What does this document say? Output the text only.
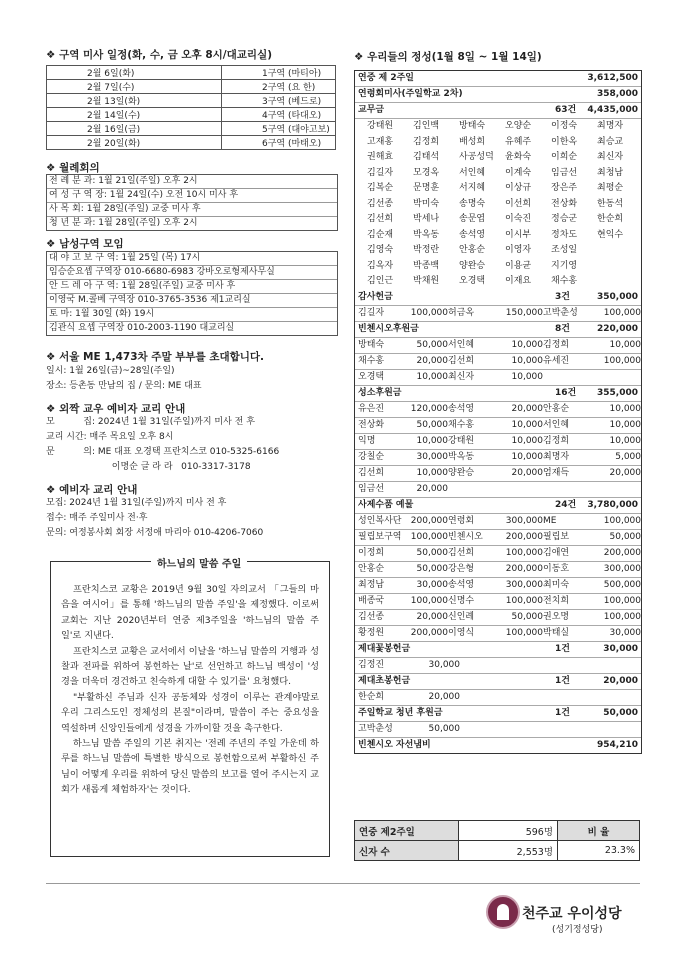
❖ 구역 미사 일정(화, 수, 금 오후 8시/대교리실)
2월 6일(화)	1구역 (마티아)
2월 7일(수)	2구역 (요 한)
2월 13일(화)	3구역 (베드로)
2월 14일(수)	4구역 (타대오)
2월 16일(금)	5구역 (대야고보)
2월 20일(화)	6구역 (마태오)
❖ 월례회의
전 례 분 과: 1월 21일(주일) 오후 2시
여 성 구 역 장: 1월 24일(수) 오전 10시 미사 후
사 목 회: 1월 28일(주일) 교중 미사 후
청 년 분 과: 1월 28일(주일) 오후 2시
❖ 남성구역 모임
대 야 고 보 구 역: 1월 25일 (목) 17시
임승순요셉 구역장 010-6680-6983 강바오로형제사무실
안 드 레 아 구 역: 1월 28일(주일) 교중 미사 후
이영국 M.콜베 구역장 010-3765-3536 제1교리실
토 마: 1월 30일 (화) 19시
김관식 요셉 구역장 010-2003-1190 대교리실
❖ 서울 ME 1,473차 주말 부부를 초대합니다.
일시: 1월 26일(금)~28일(주일)
장소: 등촌동 만남의 집 / 문의: ME 대표
❖ 외짝 교우 예비자 교리 안내
모          집: 2024년 1월 31일(주일)까지 미사 전 후
교리 시간: 매주 목요일 오후 8시
문          의: ME 대표 오경택 프란치스코 010-5325-6166
이명순 글 라 라   010-3317-3178
❖ 예비자 교리 안내
모집: 2024년 1월 31일(주일)까지 미사 전 후
접수: 매주 주일미사 전·후
문의: 여정봉사회 회장 서정애 마리아 010-4206-7060
하느님의 말씀 주일

프란치스코 교황은 2019년 9월 30일 자의교서 「그들의 마음을 여시어」를 통해 '하느님의 말씀 주일'을 제정했다. 이로써 교회는 지난 2020년부터 연중 제3주일을 '하느님의 말씀 주일'로 지낸다.

프란치스코 교황은 교서에서 이날을 '하느님 말씀의 거행과 성찰과 전파를 위하여 봉헌하는 날'로 선언하고 하느님 백성이 '성경을 더욱더 경건하고 친숙하게 대할 수 있기를' 요청했다.

"부활하신 주님과 신자 공동체와 성경이 이루는 관계야말로 우리 그리스도인 정체성의 본질"이라며, 말씀이 주는 중요성을 역설하며 신앙인들에게 성경을 가까이할 것을 촉구한다.

하느님 말씀 주일의 기본 취지는 '전례 주년의 주일 가운데 하루를 하느님 말씀에 특별한 방식으로 봉헌함으로써 부활하신 주님이 어떻게 우리를 위하여 당신 말씀의 보고를 열어 주시는지 교회가 새롭게 체험하자'는 것이다.

❖ 우리들의 정성(1월 8일 ~ 1월 14일)
연중 제 2주일	3,612,500
연령회미사(주일학교 2차)	358,000
교무금	63건 4,435,000
강태원	김인백	방태숙	오양순	이정숙	최명자
고재홍	김정희	배성희	유혜주	이한옥	최승교
권해효	김태석	사공성덕	윤화숙	이희순	최신자
김길자	모경옥	서인혜	이계숙	임금선	최청남
김복순	문명훈	서지혜	이상규	장은주	최평순
김선종	박미숙	송명숙	이선희	전상화	한동석
김선희	박세나	송문엽	이숙진	정승군	한순희
김순재	박옥동	송석영	이시부	정차도	현익수
김영숙	박정란	안홍순	이영자	조성일
김옥자	박종백	양완승	이용균	지기영
김인근	박채원	오경택	이재요	채수홍
감사헌금	3건	350,000
김길자	100,000 허금옥	150,000 고박춘성	100,000
빈첸시오후원금	8건	220,000
방태숙	50,000 서인혜	10,000 김정희	10,000
채수홍	20,000 김선희	10,000 유세진	100,000
오경택	10,000 최신자	10,000
성소후원금	16건 355,000
유은진	120,000 송석영	20,000 안홍순	10,000
전상화	50,000 채수홍	10,000 서인혜	10,000
익명	10,000 강태원	10,000 김정희	10,000
강칠순	30,000 박옥동	10,000 최명자	5,000
김선희	10,000 양완승	20,000 엄재득	20,000
임금선	20,000
사제수품 예물	24건 3,780,000
성인복사단 200,000 연령회	300,000 ME	100,000
필립보구역 100,000 빈첸시오	200,000 필립보	50,000
이정희	50,000 김선희	100,000 김애연	200,000
안홍순	50,000 강은형	200,000 이동호	300,000
최정남	30,000 송석영	300,000 최미숙	500,000
배종국	100,000 신명수	100,000 전치희	100,000
김선종	20,000 신인례	50,000 권오명	100,000
황정원	200,000 이영식	100,000 박태실	30,000
제대꽃봉헌금	1건	30,000
김정진	30,000
제대초봉헌금	1건	20,000
한순희	20,000
주일학교 청년 후원금	1건	50,000
고박춘성	50,000
빈첸시오 자선냄비	954,210
연중 제2주일	596명	비 율
신자 수	2,553명	23.3%
천주교 우이성당
(성기정성당)
